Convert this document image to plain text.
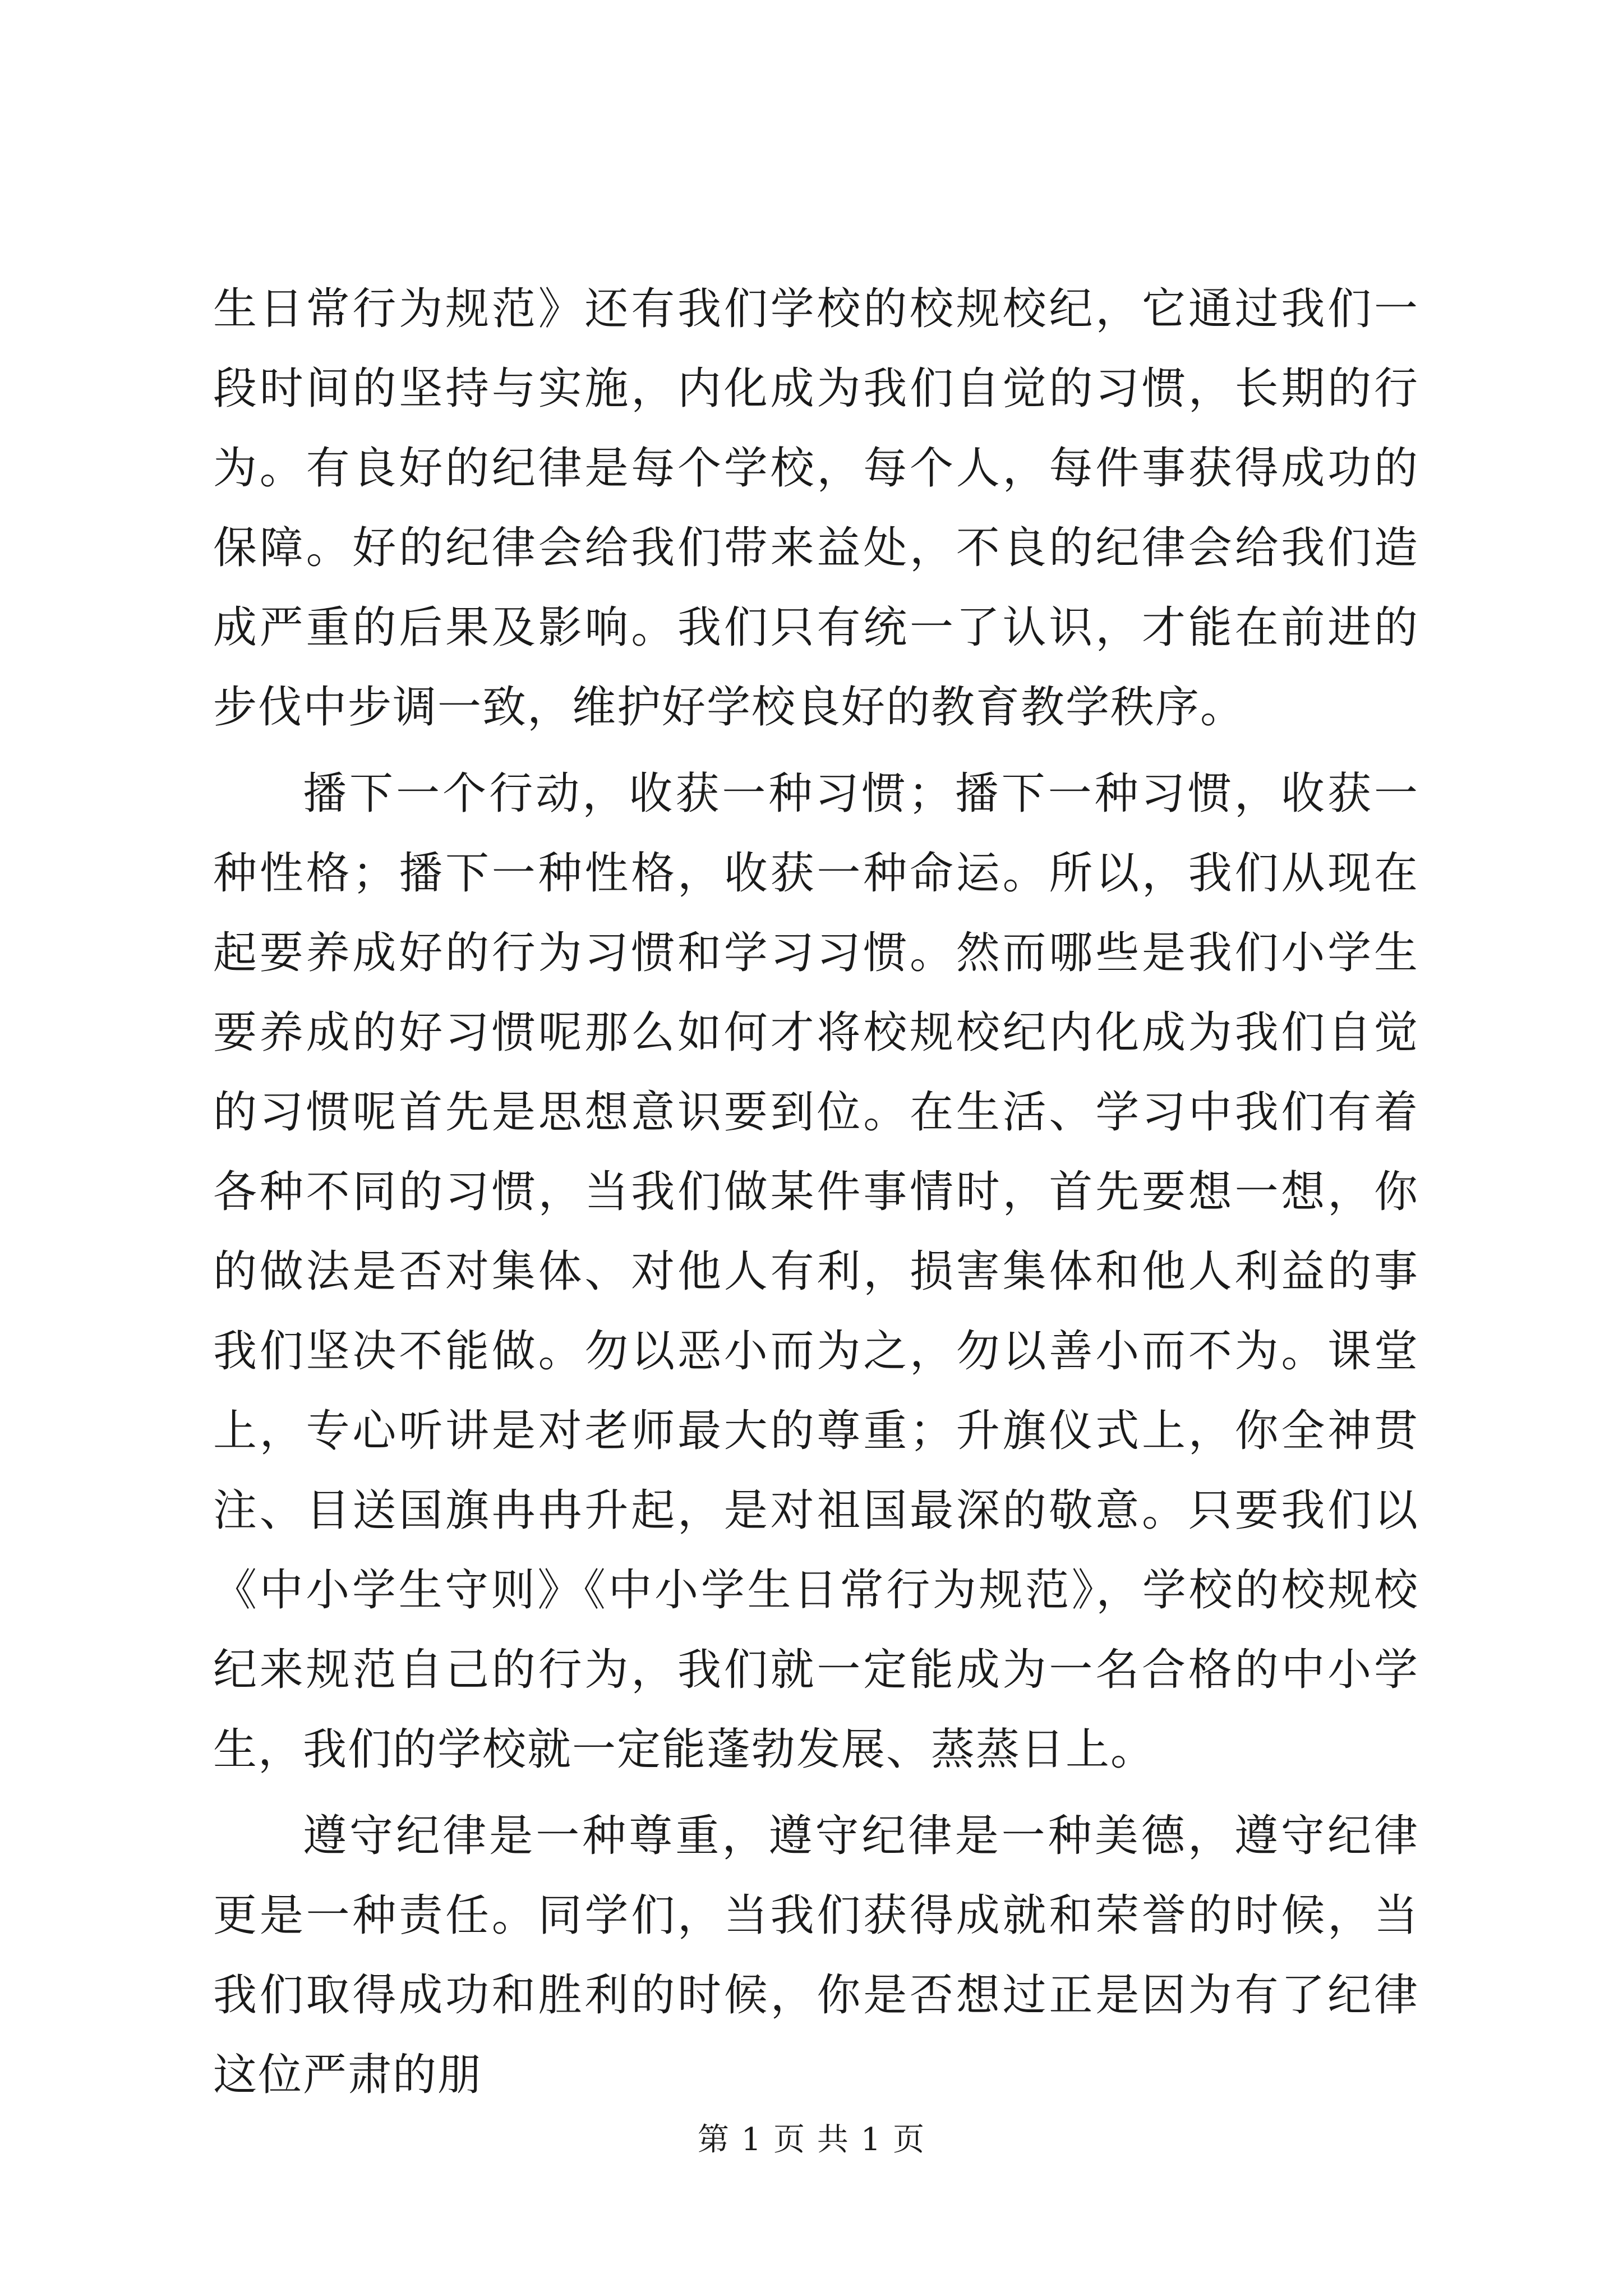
生日常行为规范》还有我们学校的校规校纪，它通过我们一段时间的坚持与实施，内化成为我们自觉的习惯，长期的行为。有良好的纪律是每个学校，每个人，每件事获得成功的保障。好的纪律会给我们带来益处，不良的纪律会给我们造成严重的后果及影响。我们只有统一了认识，才能在前进的步伐中步调一致，维护好学校良好的教育教学秩序。

播下一个行动，收获一种习惯；播下一种习惯，收获一种性格；播下一种性格，收获一种命运。所以，我们从现在起要养成好的行为习惯和学习习惯。然而哪些是我们小学生要养成的好习惯呢那么如何才将校规校纪内化成为我们自觉的习惯呢首先是思想意识要到位。在生活、学习中我们有着各种不同的习惯，当我们做某件事情时，首先要想一想，你的做法是否对集体、对他人有利，损害集体和他人利益的事我们坚决不能做。勿以恶小而为之，勿以善小而不为。课堂上，专心听讲是对老师最大的尊重；升旗仪式上，你全神贯注、目送国旗冉冉升起，是对祖国最深的敬意。只要我们以《中小学生守则》《中小学生日常行为规范》，学校的校规校纪来规范自己的行为，我们就一定能成为一名合格的中小学生，我们的学校就一定能蓬勃发展、蒸蒸日上。

遵守纪律是一种尊重，遵守纪律是一种美德，遵守纪律更是一种责任。同学们，当我们获得成就和荣誉的时候，当我们取得成功和胜利的时候，你是否想过正是因为有了纪律这位严肃的朋

第 1 页 共 1 页
